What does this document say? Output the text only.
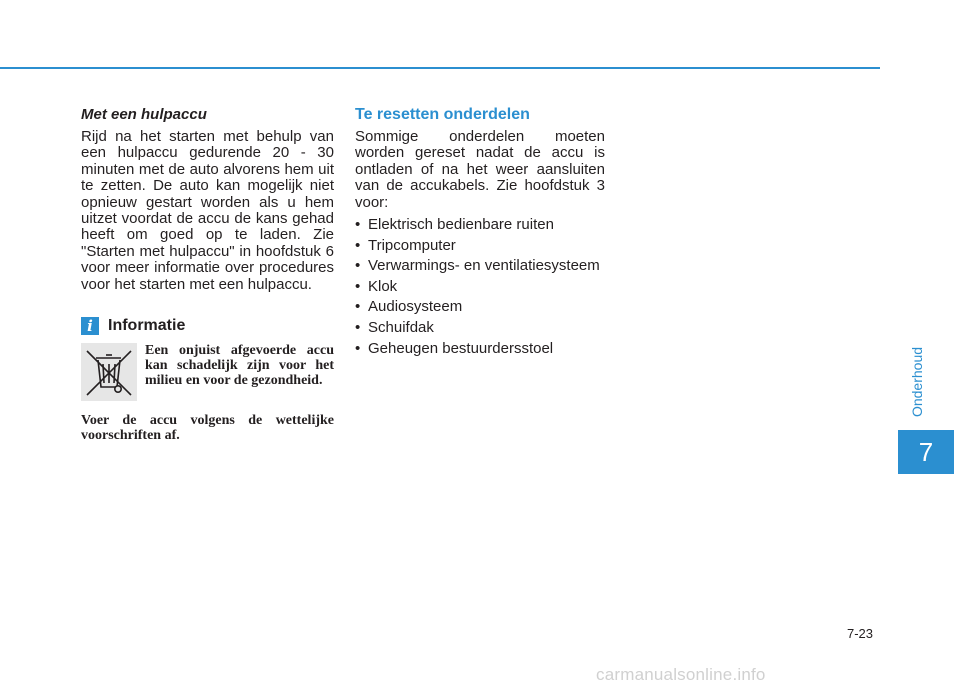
Met een hulpaccu

Rijd na het starten met behulp van een hulpaccu gedurende 20 - 30 minuten met de auto alvorens hem uit te zetten. De auto kan mogelijk niet opnieuw gestart worden als u hem uitzet voordat de accu de kans gehad heeft om goed op te laden. Zie "Starten met hulpaccu" in hoofdstuk 6 voor meer informatie over procedures voor het starten met een hulpaccu.

i Informatie

Een onjuist afgevoerde accu kan schadelijk zijn voor het milieu en voor de gezondheid.

Voer de accu volgens de wettelijke voorschriften af.

Te resetten onderdelen

Sommige onderdelen moeten worden gereset nadat de accu is ontladen of na het weer aansluiten van de accukabels. Zie hoofdstuk 3 voor:

• Elektrisch bedienbare ruiten
• Tripcomputer
• Verwarmings- en ventilatiesysteem
• Klok
• Audiosysteem
• Schuifdak
• Geheugen bestuurdersstoel	Onderhoud
7
7-23
carmanualsonline.info
